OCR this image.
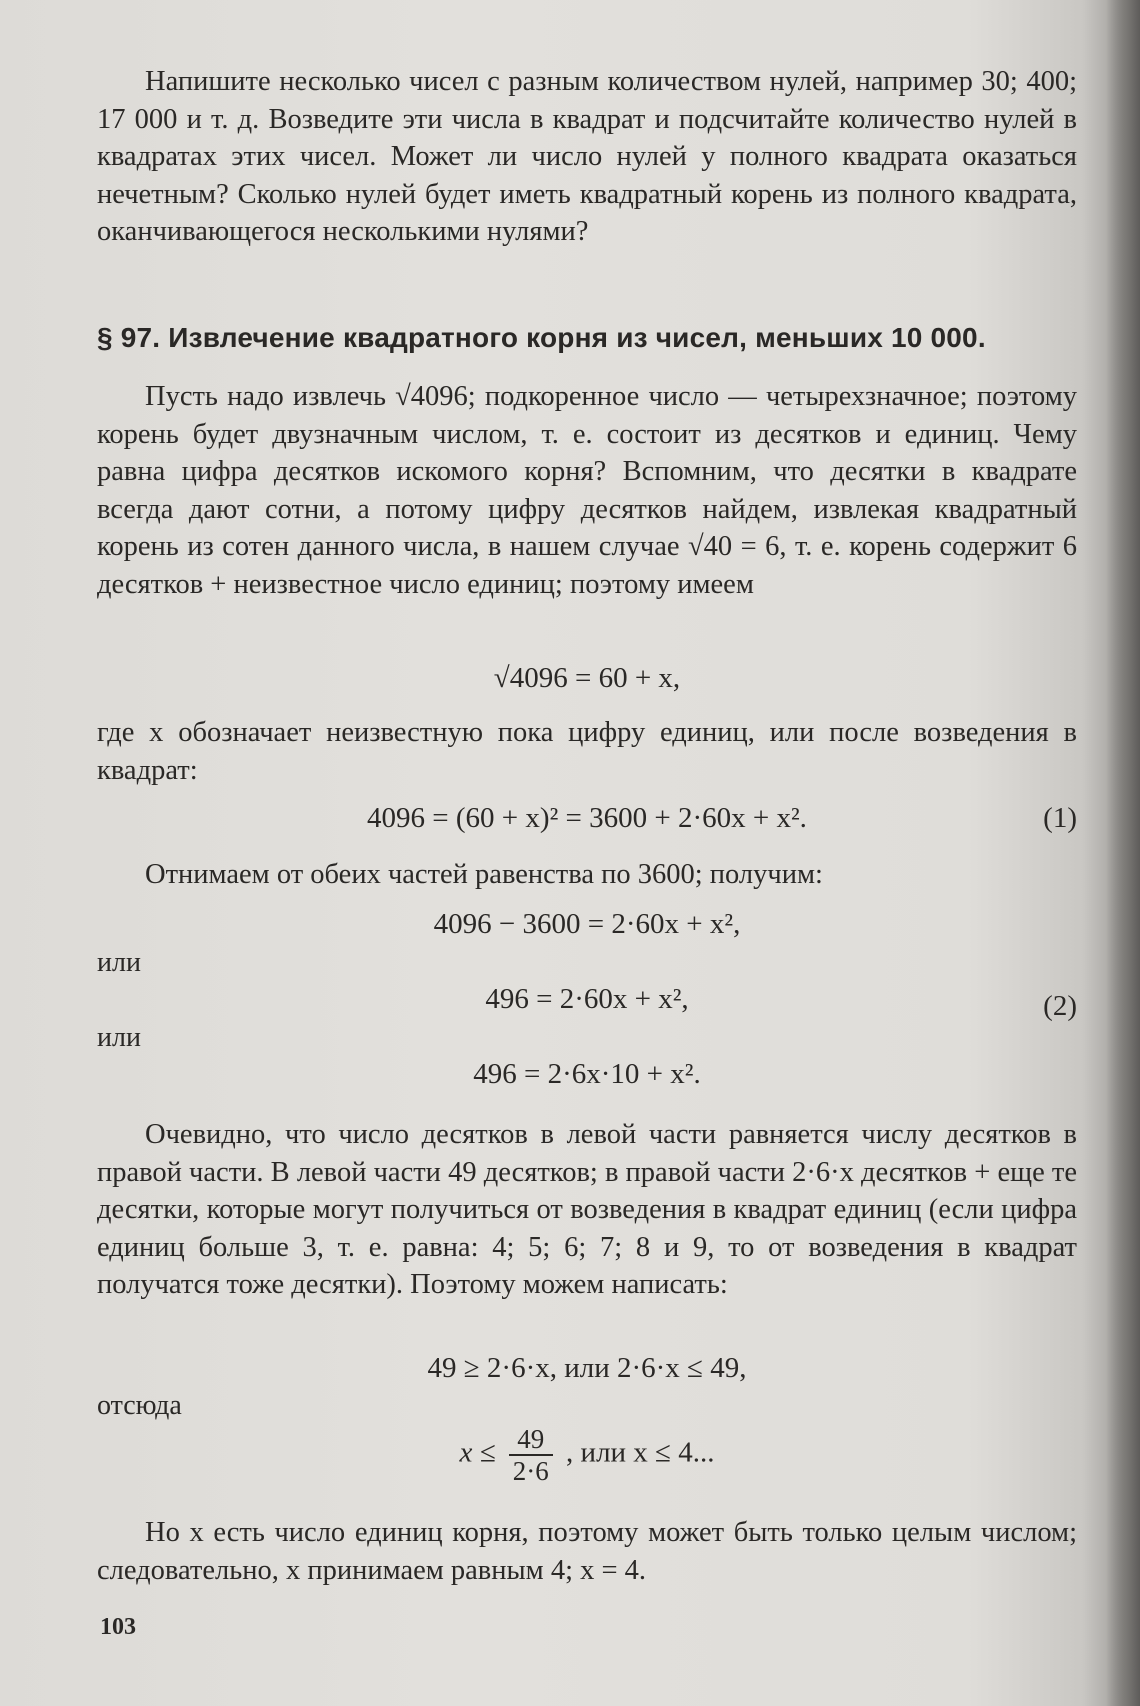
Напишите несколько чисел с разным количеством нулей, например 30; 400; 17 000 и т. д. Возведите эти числа в квадрат и подсчитайте количество нулей в квадратах этих чисел. Может ли число нулей у полного квадрата оказаться нечетным? Сколько нулей будет иметь квадратный корень из полного квадрата, оканчивающегося несколькими нулями?

§ 97. Извлечение квадратного корня из чисел, меньших 10 000.

Пусть надо извлечь √4096; подкоренное число — четырехзначное; поэтому корень будет двузначным числом, т. е. состоит из десятков и единиц. Чему равна цифра десятков искомого корня? Вспомним, что десятки в квадрате всегда дают сотни, а потому цифру десятков найдем, извлекая квадратный корень из сотен данного числа, в нашем случае √40 = 6, т. е. корень содержит 6 десятков + неизвестное число единиц; поэтому имеем

√4096 = 60 + x,

где x обозначает неизвестную пока цифру единиц, или после возведения в квадрат:

4096 = (60 + x)² = 3600 + 2·60x + x².	(1)

Отнимаем от обеих частей равенства по 3600; получим:

4096 − 3600 = 2·60x + x²,
или
496 = 2·60x + x²,	(2)
или
496 = 2·6x·10 + x².

Очевидно, что число десятков в левой части равняется числу десятков в правой части. В левой части 49 десятков; в правой части 2·6·x десятков + еще те десятки, которые могут получиться от возведения в квадрат единиц (если цифра единиц больше 3, т. е. равна: 4; 5; 6; 7; 8 и 9, то от возведения в квадрат получатся тоже десятки). Поэтому можем написать:

49 ≥ 2·6·x, или 2·6·x ≤ 49,
отсюда
$x \le \frac{49}{2\cdot 6}$ , или x ≤ 4...

Но x есть число единиц корня, поэтому может быть только целым числом; следовательно, x принимаем равным 4; x = 4.

103
